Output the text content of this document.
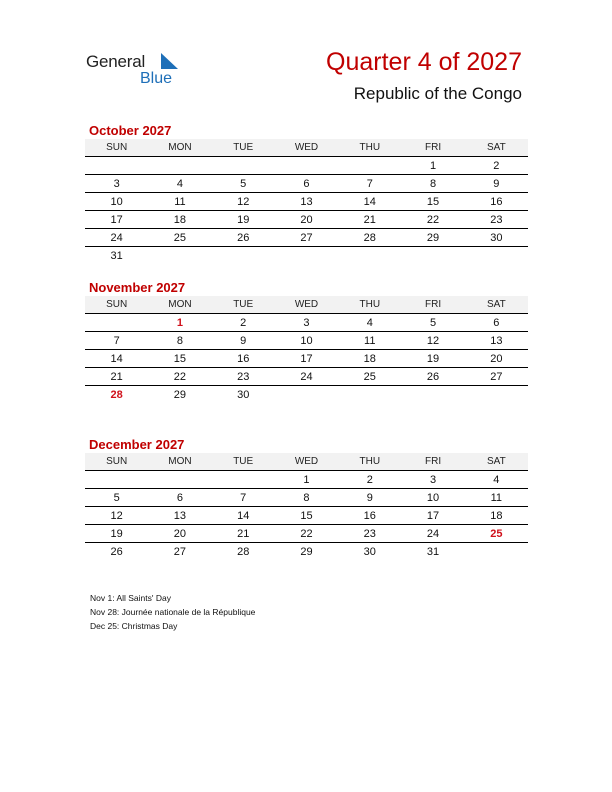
General
Blue
Quarter 4 of 2027
Republic of the Congo
October 2027
SUN	MON	TUE	WED	THU	FRI	SAT
					1	2
3	4	5	6	7	8	9
10	11	12	13	14	15	16
17	18	19	20	21	22	23
24	25	26	27	28	29	30
31						
November 2027
SUN	MON	TUE	WED	THU	FRI	SAT
	1	2	3	4	5	6
7	8	9	10	11	12	13
14	15	16	17	18	19	20
21	22	23	24	25	26	27
28	29	30				
December 2027
SUN	MON	TUE	WED	THU	FRI	SAT
			1	2	3	4
5	6	7	8	9	10	11
12	13	14	15	16	17	18
19	20	21	22	23	24	25
26	27	28	29	30	31	
Nov 1: All Saints' Day
Nov 28: Journée nationale de la République
Dec 25: Christmas Day
